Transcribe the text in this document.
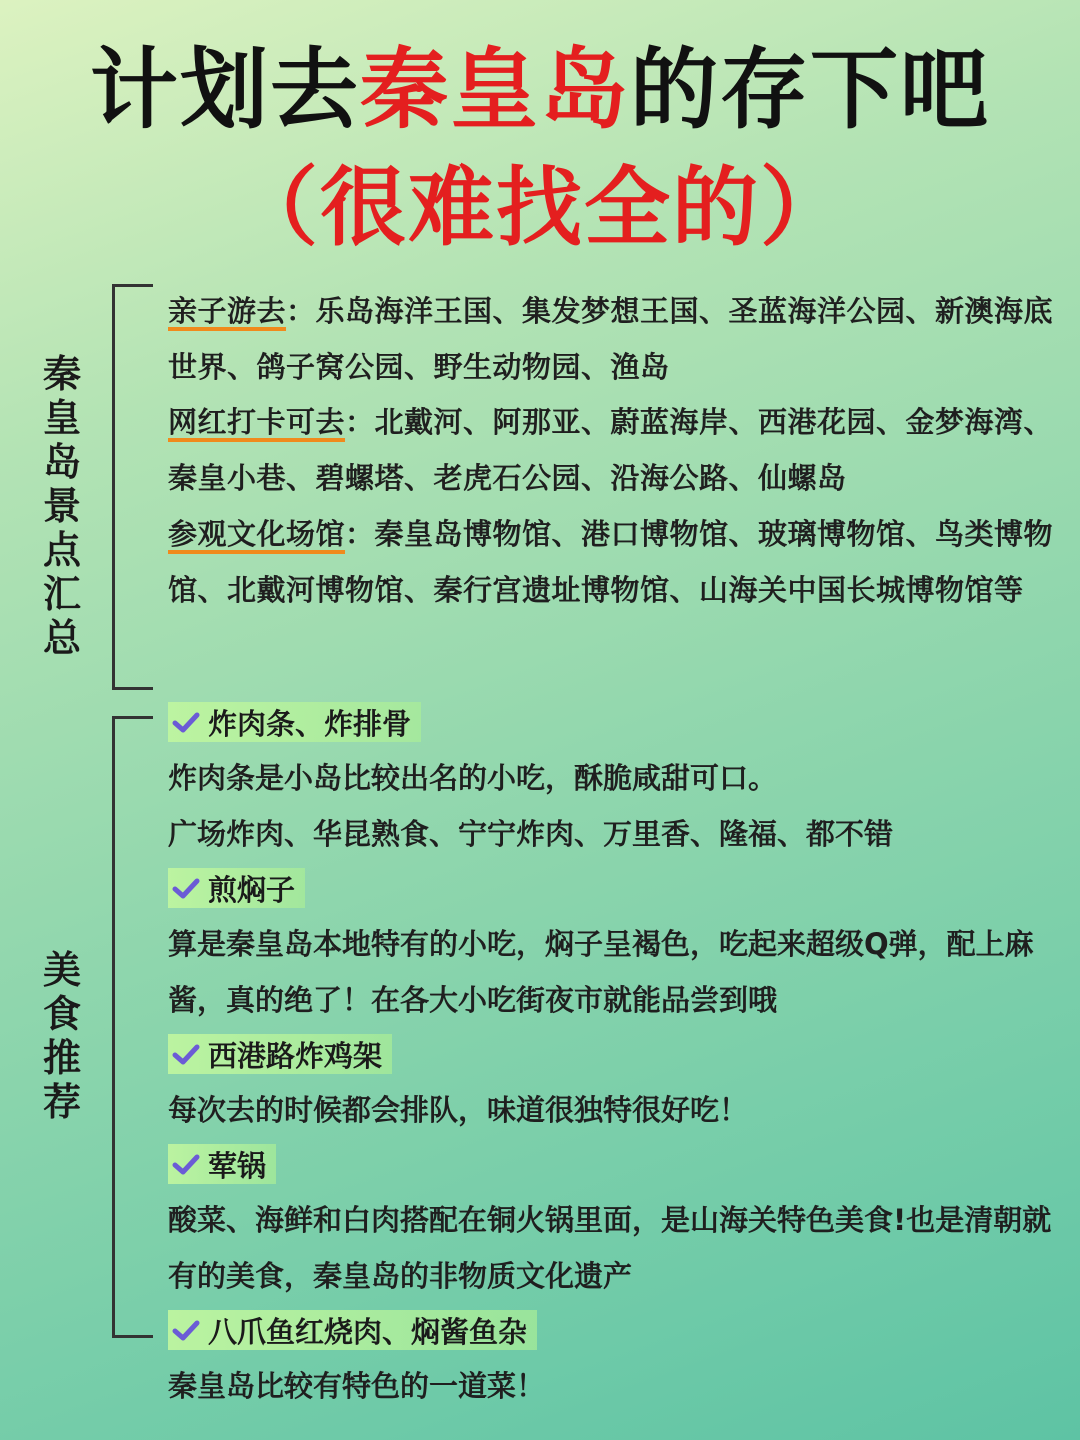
计划去秦皇岛的存下吧
（很难找全的）
秦皇岛景点汇总
美食推荐

亲子游去：乐岛海洋王国、集发梦想王国、圣蓝海洋公园、新澳海底世界、鸽子窝公园、野生动物园、渔岛

网红打卡可去：北戴河、阿那亚、蔚蓝海岸、西港花园、金梦海湾、秦皇小巷、碧螺塔、老虎石公园、沿海公路、仙螺岛

参观文化场馆：秦皇岛博物馆、港口博物馆、玻璃博物馆、鸟类博物馆、北戴河博物馆、秦行宫遗址博物馆、山海关中国长城博物馆等

炸肉条、炸排骨

炸肉条是小岛比较出名的小吃，酥脆咸甜可口。

广场炸肉、华昆熟食、宁宁炸肉、万里香、隆福、都不错

煎焖子

算是秦皇岛本地特有的小吃，焖子呈褐色，吃起来超级Q弹，配上麻酱，真的绝了！在各大小吃街夜市就能品尝到哦

西港路炸鸡架

每次去的时候都会排队，味道很独特很好吃！

荤锅

酸菜、海鲜和白肉搭配在铜火锅里面，是山海关特色美食!也是清朝就有的美食，秦皇岛的非物质文化遗产

八爪鱼红烧肉、焖酱鱼杂

秦皇岛比较有特色的一道菜！
